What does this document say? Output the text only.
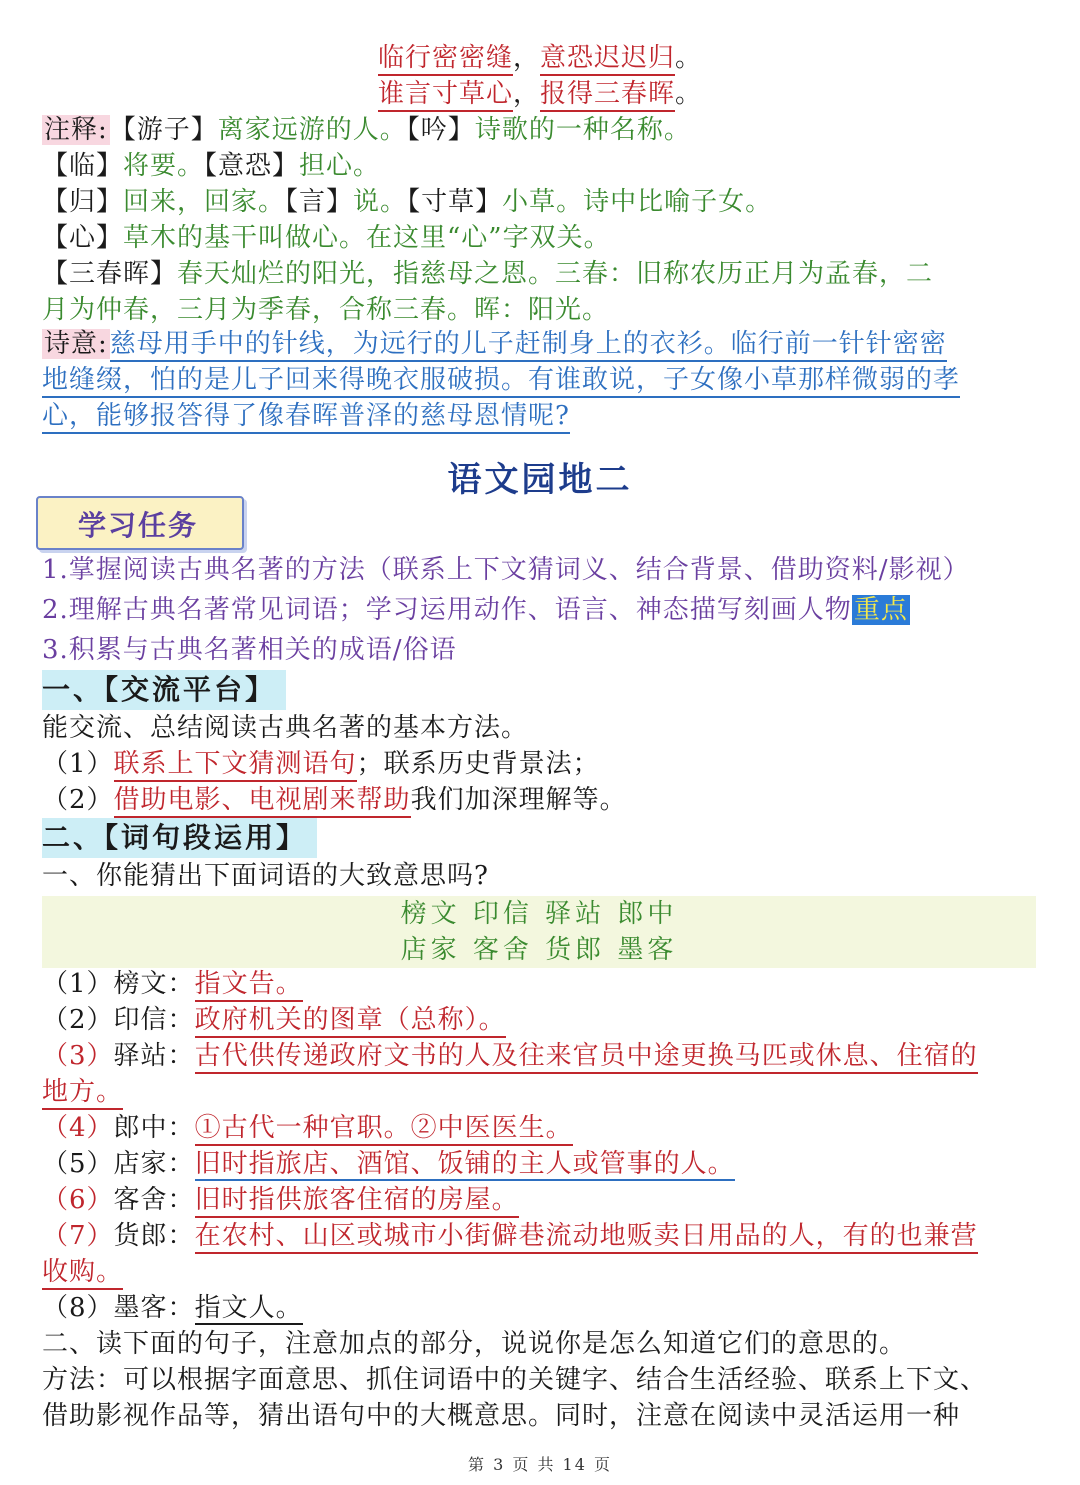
临行密密缝，意恐迟迟归。
谁言寸草心，报得三春晖。
注释:【游子】离家远游的人。【吟】诗歌的一种名称。
【临】将要。【意恐】担心。
【归】回来，回家。【言】说。【寸草】小草。诗中比喻子女。
【心】草木的基干叫做心。在这里“心”字双关。
【三春晖】春天灿烂的阳光，指慈母之恩。三春：旧称农历正月为孟春，二
月为仲春，三月为季春，合称三春。晖：阳光。
诗意:慈母用手中的针线，为远行的儿子赶制身上的衣衫。临行前一针针密密
地缝缀，怕的是儿子回来得晚衣服破损。有谁敢说，子女像小草那样微弱的孝
心，能够报答得了像春晖普泽的慈母恩情呢?
语文园地二
学习任务
1.掌握阅读古典名著的方法（联系上下文猜词义、结合背景、借助资料/影视）
2.理解古典名著常见词语；学习运用动作、语言、神态描写刻画人物重点
3.积累与古典名著相关的成语/俗语
一、【交流平台】
能交流、总结阅读古典名著的基本方法。
（1）联系上下文猜测语句；联系历史背景法；
（2）借助电影、电视剧来帮助我们加深理解等。
二、【词句段运用】
一、你能猜出下面词语的大致意思吗?
榜文 印信 驿站 郎中
店家 客舍 货郎 墨客
（1）榜文：指文告。
（2）印信：政府机关的图章（总称）。
（3）驿站：古代供传递政府文书的人及往来官员中途更换马匹或休息、住宿的
地方。
（4）郎中：①古代一种官职。②中医医生。
（5）店家：旧时指旅店、酒馆、饭铺的主人或管事的人。
（6）客舍：旧时指供旅客住宿的房屋。
（7）货郎：在农村、山区或城市小街僻巷流动地贩卖日用品的人，有的也兼营
收购。
（8）墨客：指文人。
二、读下面的句子，注意加点的部分，说说你是怎么知道它们的意思的。
方法：可以根据字面意思、抓住词语中的关键字、结合生活经验、联系上下文、
借助影视作品等，猜出语句中的大概意思。同时，注意在阅读中灵活运用一种
第 3 页 共 14 页
